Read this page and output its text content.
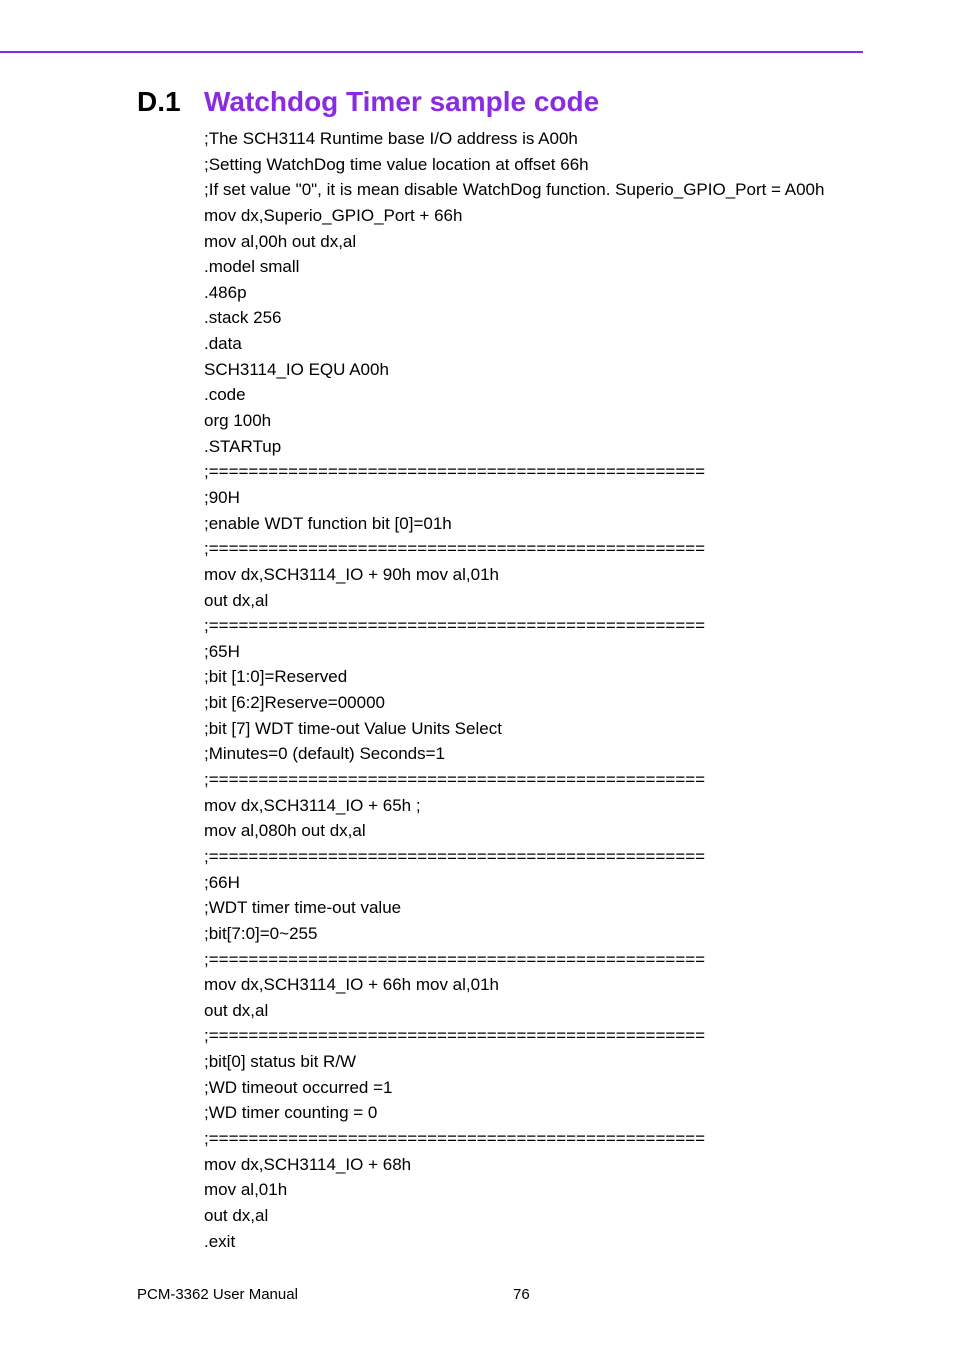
D.1 Watchdog Timer sample code
;The SCH3114 Runtime base I/O address is A00h
;Setting WatchDog time value location at offset 66h
;If set value "0", it is mean disable WatchDog function. Superio_GPIO_Port = A00h
mov dx,Superio_GPIO_Port + 66h
mov al,00h out dx,al
.model small
.486p
.stack 256
.data
SCH3114_IO EQU A00h
.code
org 100h
.STARTup
;==================================================
;90H
;enable WDT function bit [0]=01h
;==================================================
mov dx,SCH3114_IO + 90h mov al,01h
out dx,al
;==================================================
;65H
;bit [1:0]=Reserved
;bit [6:2]Reserve=00000
;bit [7] WDT time-out Value Units Select
;Minutes=0 (default) Seconds=1
;==================================================
mov dx,SCH3114_IO + 65h ;
mov al,080h out dx,al
;==================================================
;66H
;WDT timer time-out value
;bit[7:0]=0~255
;==================================================
mov dx,SCH3114_IO + 66h mov al,01h
out dx,al
;==================================================
;bit[0] status bit R/W
;WD timeout occurred =1
;WD timer counting = 0
;==================================================
mov dx,SCH3114_IO + 68h
mov al,01h
out dx,al
.exit
PCM-3362 User Manual	76
